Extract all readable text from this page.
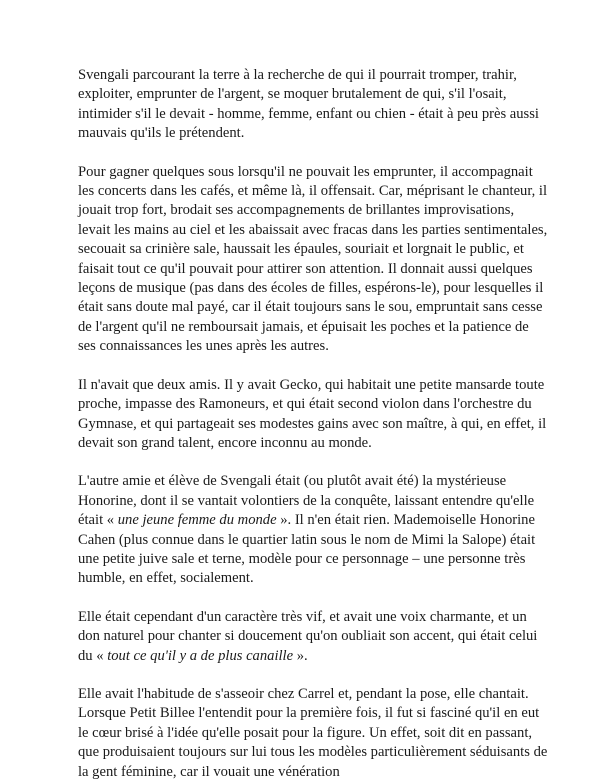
Svengali parcourant la terre à la recherche de qui il pourrait tromper, trahir, exploiter, emprunter de l'argent, se moquer brutalement de qui, s'il l'osait, intimider s'il le devait - homme, femme, enfant ou chien - était à peu près aussi mauvais qu'ils le prétendent.

Pour gagner quelques sous lorsqu'il ne pouvait les emprunter, il accompagnait les concerts dans les cafés, et même là, il offensait. Car, méprisant le chanteur, il jouait trop fort, brodait ses accompagnements de brillantes improvisations, levait les mains au ciel et les abaissait avec fracas dans les parties sentimentales, secouait sa crinière sale, haussait les épaules, souriait et lorgnait le public, et faisait tout ce qu'il pouvait pour attirer son attention. Il donnait aussi quelques leçons de musique (pas dans des écoles de filles, espérons-le), pour lesquelles il était sans doute mal payé, car il était toujours sans le sou, empruntait sans cesse de l'argent qu'il ne remboursait jamais, et épuisait les poches et la patience de ses connaissances les unes après les autres.

Il n'avait que deux amis. Il y avait Gecko, qui habitait une petite mansarde toute proche, impasse des Ramoneurs, et qui était second violon dans l'orchestre du Gymnase, et qui partageait ses modestes gains avec son maître, à qui, en effet, il devait son grand talent, encore inconnu au monde.

L'autre amie et élève de Svengali était (ou plutôt avait été) la mystérieuse Honorine, dont il se vantait volontiers de la conquête, laissant entendre qu'elle était « une jeune femme du monde ». Il n'en était rien. Mademoiselle Honorine Cahen (plus connue dans le quartier latin sous le nom de Mimi la Salope) était une petite juive sale et terne, modèle pour ce personnage – une personne très humble, en effet, socialement.

Elle était cependant d'un caractère très vif, et avait une voix charmante, et un don naturel pour chanter si doucement qu'on oubliait son accent, qui était celui du « tout ce qu'il y a de plus canaille ».

Elle avait l'habitude de s'asseoir chez Carrel et, pendant la pose, elle chantait. Lorsque Petit Billee l'entendit pour la première fois, il fut si fasciné qu'il en eut le cœur brisé à l'idée qu'elle posait pour la figure. Un effet, soit dit en passant, que produisaient toujours sur lui tous les modèles particulièrement séduisants de la gent féminine, car il vouait une vénération
